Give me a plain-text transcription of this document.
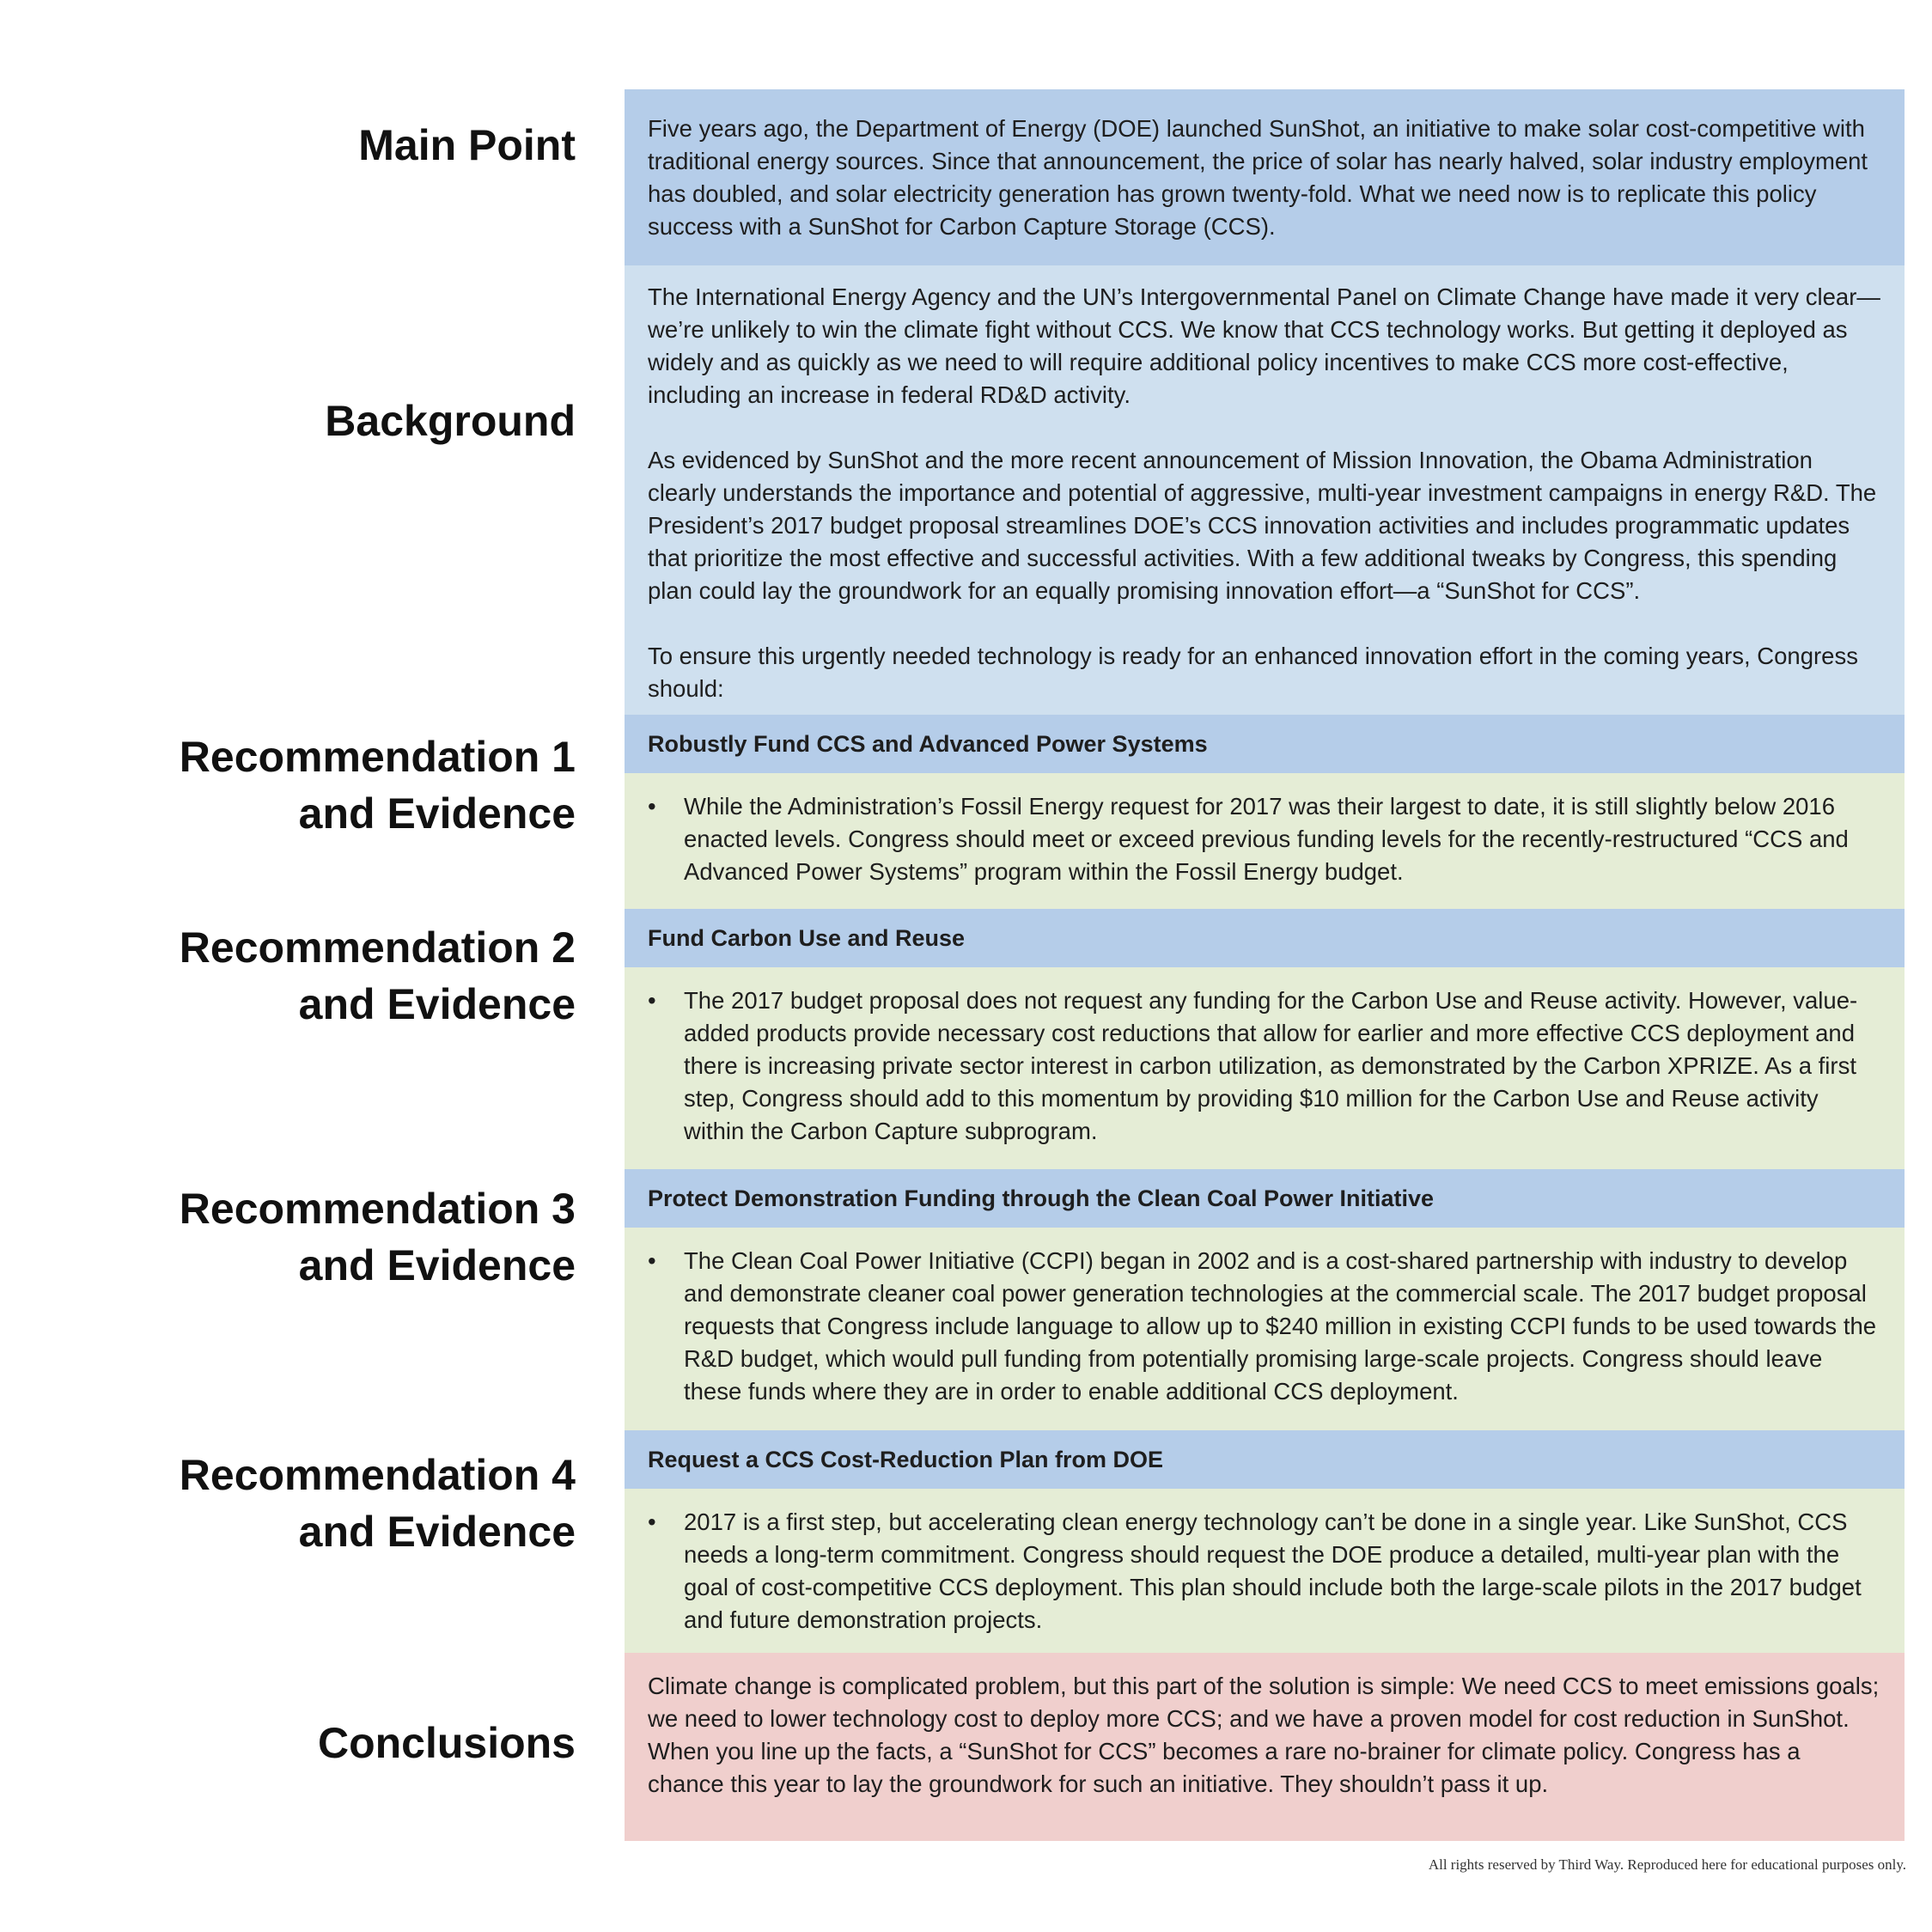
Main Point
Background
Recommendation 1
and Evidence
Recommendation 2
and Evidence
Recommendation 3
and Evidence
Recommendation 4
and Evidence
Conclusions

Five years ago, the Department of Energy (DOE) launched SunShot, an initiative to make solar cost-competitive with traditional energy sources. Since that announcement, the price of solar has nearly halved, solar industry employment has doubled, and solar electricity generation has grown twenty-fold. What we need now is to replicate this policy success with a SunShot for Carbon Capture Storage (CCS).

The International Energy Agency and the UN’s Intergovernmental Panel on Climate Change have made it very clear—we’re unlikely to win the climate fight without CCS. We know that CCS technology works. But getting it deployed as widely and as quickly as we need to will require additional policy incentives to make CCS more cost-effective, including an increase in federal RD&D activity.

As evidenced by SunShot and the more recent announcement of Mission Innovation, the Obama Administration clearly understands the importance and potential of aggressive, multi-year investment campaigns in energy R&D. The President’s 2017 budget proposal streamlines DOE’s CCS innovation activities and includes programmatic updates that prioritize the most effective and successful activities. With a few additional tweaks by Congress, this spending plan could lay the groundwork for an equally promising innovation effort—a “SunShot for CCS”.

To ensure this urgently needed technology is ready for an enhanced innovation effort in the coming years, Congress should:

Robustly Fund CCS and Advanced Power Systems
• While the Administration’s Fossil Energy request for 2017 was their largest to date, it is still slightly below 2016 enacted levels. Congress should meet or exceed previous funding levels for the recently-restructured “CCS and Advanced Power Systems” program within the Fossil Energy budget.
Fund Carbon Use and Reuse
• The 2017 budget proposal does not request any funding for the Carbon Use and Reuse activity. However, value-added products provide necessary cost reductions that allow for earlier and more effective CCS deployment and there is increasing private sector interest in carbon utilization, as demonstrated by the Carbon XPRIZE. As a first step, Congress should add to this momentum by providing $10 million for the Carbon Use and Reuse activity within the Carbon Capture subprogram.
Protect Demonstration Funding through the Clean Coal Power Initiative
• The Clean Coal Power Initiative (CCPI) began in 2002 and is a cost-shared partnership with industry to develop and demonstrate cleaner coal power generation technologies at the commercial scale. The 2017 budget proposal requests that Congress include language to allow up to $240 million in existing CCPI funds to be used towards the R&D budget, which would pull funding from potentially promising large-scale projects. Congress should leave these funds where they are in order to enable additional CCS deployment.
Request a CCS Cost-Reduction Plan from DOE
• 2017 is a first step, but accelerating clean energy technology can’t be done in a single year. Like SunShot, CCS needs a long-term commitment. Congress should request the DOE produce a detailed, multi-year plan with the goal of cost-competitive CCS deployment. This plan should include both the large-scale pilots in the 2017 budget and future demonstration projects.

Climate change is complicated problem, but this part of the solution is simple: We need CCS to meet emissions goals; we need to lower technology cost to deploy more CCS; and we have a proven model for cost reduction in SunShot. When you line up the facts, a “SunShot for CCS” becomes a rare no-brainer for climate policy. Congress has a chance this year to lay the groundwork for such an initiative. They shouldn’t pass it up.

All rights reserved by Third Way. Reproduced here for educational purposes only.
